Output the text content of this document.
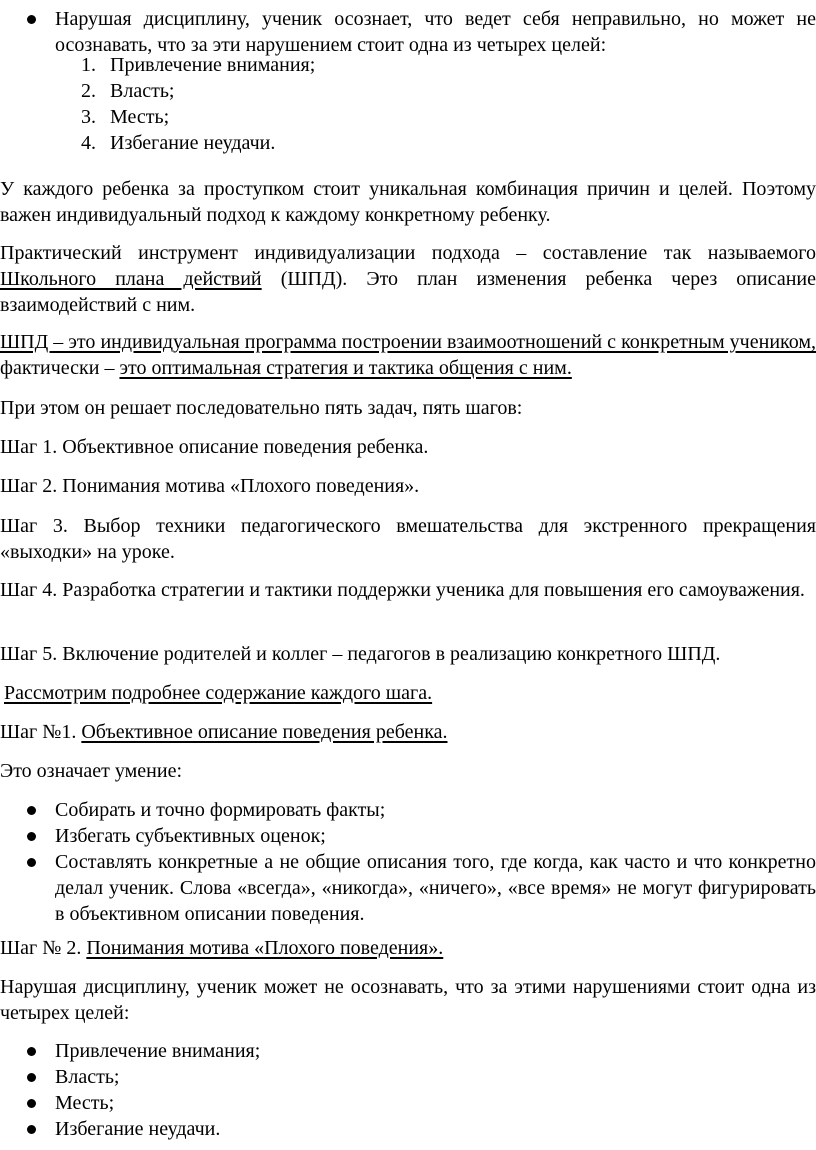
Нарушая дисциплину, ученик осознает, что ведет себя неправильно, но может не осознавать, что за эти нарушением стоит одна из четырех целей:
1. Привлечение внимания;
2. Власть;
3. Месть;
4. Избегание неудачи.
У каждого ребенка за проступком стоит уникальная комбинация причин и целей. Поэтому важен индивидуальный подход к каждому конкретному ребенку.
Практический инструмент индивидуализации подхода – составление так называемого Школьного плана действий (ШПД). Это план изменения ребенка через описание взаимодействий с ним.
ШПД – это индивидуальная программа построении взаимоотношений с конкретным учеником, фактически – это оптимальная стратегия и тактика общения с ним.
При этом он решает последовательно пять задач, пять шагов:
Шаг 1. Объективное описание поведения ребенка.
Шаг 2. Понимания мотива «Плохого поведения».
Шаг 3. Выбор техники педагогического вмешательства для экстренного прекращения «выходки» на уроке.
Шаг 4. Разработка стратегии и тактики поддержки ученика для повышения его самоуважения.
Шаг 5. Включение родителей и коллег – педагогов в реализацию конкретного ШПД.
Рассмотрим подробнее содержание каждого шага.
Шаг №1. Объективное описание поведения ребенка.
Это означает умение:
Собирать и точно формировать факты;
Избегать субъективных оценок;
Составлять конкретные а не общие описания того, где когда, как часто и что конкретно делал ученик. Слова «всегда», «никогда», «ничего», «все время» не могут фигурировать в объективном описании поведения.
Шаг № 2. Понимания мотива «Плохого поведения».
Нарушая дисциплину, ученик может не осознавать, что за этими нарушениями стоит одна из четырех целей:
Привлечение внимания;
Власть;
Месть;
Избегание неудачи.
